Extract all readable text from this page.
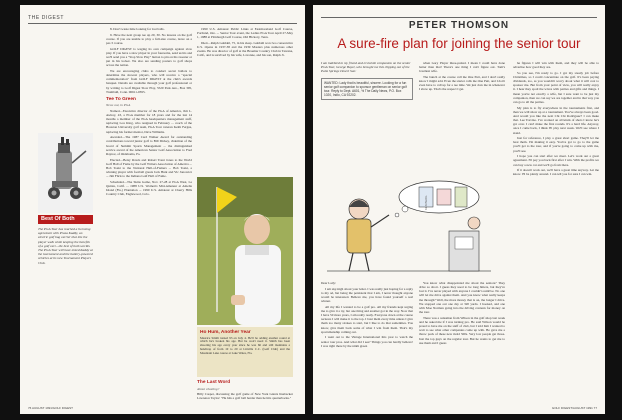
THE DIGEST
Best Of Both
The PGA Tour has reached a licensing agreement with Prasa Kaddy, an electric golf bag carrier that lets the player walk while keeping the benefits of a golf cart—the best of both worlds. The PGA Tour will have tested Kaddy at the tournament and the battery-powered vehicles at its new Tournament Players Club.

8. Don't waste time looking for lost balls.

9. Have the next group tee up 20, 30. No lessons on the golf course. If you are unable to play a full-size course, leave on a par-3 course.

GOLF DIGEST is waging its own campaign against slow play. If you have a slow player in your foursome, send us his and we'll send you a "Stop Slow Play" button to pin on his sweater or put in his locker. We also are sending posters to golf shops across the nation.

We are encouraging clubs to conduct secret ballots to determine the slowest players, who will receive a "special commemoration" from GOLF DIGEST at the club's awards banquet. Details are available through your golf professional or by writing to Golf Digest Slow Play, 5520 Park Ave., Box 395, Trumbull, Conn. 06611-0395.

Tee To Green
News out, in PGA

Named—Executive director of the PGA of America, Jim L. Awtrey, 43, a PGA member for 18 years and for the last 14 months a member of the PGA headquarters management staff, replacing Lou King, who resigned in February ... coach of the Houston University golf team, PGA Tour veteran Keith Fergus, replacing his former mentor, Dave Williams.

Awarded—The 1987 Card Walker Award for outstanding contributions toward junior golf to Bill Dickey, chairman of the board of Summit Sports Management ... the distinguished service award of the American Senior Golf Association to Fred Raynor, of Oklahoma, Pa.

Elected—Betsy Rawls and Robert Trent Jones to the World Golf Hall of Fame by the Golf Writers Association of America ... Bob Toski to the National Hall-of-Famers ... Bob Toski, a winning player with football greats Jack Hunt and Vic Janowicz ... Jim Flick to the Indiana Golf Hall of Fame.

Scheduled—The Skins Game, Nov. 27-28 at PGA West, La Quinta, Calif. ... 1988 U.S. Women's Mid-Amateur at Amelia Island (Fla.) Plantation ... 1990 U.S. Amateur at Cherry Hills Country Club, Englewood, Colo.

1990 U.S. Amateur Public Links at Eastmoreland Golf Course, Portland, Ore. ... Senior Tour event, the Ladies PGA Tour April 27-May 1, 1988 at Pittsburgh Golf Course, Old Hickory, Tenn.

Died—Ralph Guldahl, 75, in his sleep. Guldahl won two consecutive U.S. Opens in 1937-38 and the 1939 Masters plus numerous other events. He was director of golf at the Braemar Country Club in Tarzana, Calif., and is survived by his wife, Lavonne, and his son, Ralph Jr.

Ho Hum, Another Year
Maurice Smith turned 93 on July 4. He'll be adding another round at which he's broken his age. But he won't need it. Smith has been shooting his age every year since he was 66 and still maintains a handicap of from 10 to 20 at Linville C.C. (Golf Club) and the Mountain Lake course at Lake Wales, Fla.
The Last Word
About cheating?
Billy Casper, discussing the golf game of New York Giants linebacker Lawrence Taylor: "He hits a golf ball harder than he hits quarterbacks."
76 AUGUST 1991/GOLF DIGEST
PETER THOMSON
A sure-fire plan for joining the senior tour
I am indebted to my friend and erstwhile companion on the senior PGA Tour, George Bayer, who brought me this clipping out of the Palm Springs Desert Sun:
WANTED: Lady that is beautiful, sincere. Looking for a fun senior golf companion to sponsor gentleman on senior golf tour. Reply to Dept. A601, % The Daily News, P.O. Box 1020, Indio, CA 92202.

when Gary Player three-putted. I mean I could have done better than that! There's one thing I can't figure out. Tom's loveliest wife.

The bunch at the course call me One Putt, and I don't really know I might add. Even the starter calls me One Putt, and I don't even have to call up for a tee time. We just dots me in whenever I show up. That's the respect I get.

he figures I will win with them, and they will be able to advertise how good they are.

So you see, I'm ready to go. I got my steady job before Christmas, so I could concentrate on the golf. It's been paying dividends, too, as you wouldn't worry about what it will cost to sponsor me. But from your point of view, you will really enjoy it. I hear they spoil the wives with parties and gifts and things. I mean you're not exactly a wife, but I sure want to be just my companion, then we can say we are together and in that way you can go to all the parties.

My plan is to fly everywhere in the tournaments first, and then we will show up at a tournament. You've always been good. And would you like the next Chi Chi Rodriguez? I can make that. Lee Trevino. I've worked on all kinds of shots I know he's got over. I can't make the first rounds. It's a hard life. Anyway, once I came back, I think I'll play next week. We'll see where I stand.

Just for reference, I play a great short game. They'll let me beat them. I'm making it easy. You've got to go to the game you'll get to the tour, and if you're going to come up with me, you'll see.

I hope you can start after we meet. Let's work out a great agreement. I'll pay you back first after I win. With the profits we can buy a new car and we'll go from there.

If it doesn't work out, we'll have a great time anyway. Let me know. I'll be plenty around. I can tell you for sure I can win.

Dear Lady:

I am sky-high about your letter. I was really just hoping for a reply to my ad, but being the persistent that I am, I never thought anyone would be interested. Believe me, you have found yourself a real winner.

All my life I wanted to be a golf pro. All my friends kept urging me to give it a try, but one thing and another got in the way. Now that I have 50 more years, I am really ready. Everyone down at the course reckons I will make it to the top. I bust them every time unless I give them too many strokes to start, but I like to do that sometimes. You know, give them back some of what I win from them. That's my sportsmanship coming out.

I went out to the Vintage International this year to watch the senior tour pros. And what did I see? Things you can hardly believe! I was right there by the ninth green

You know what disappointed me about the seniors? They drive so short. I guess they used to be long hitters, but they've lost it. I've never played with anyone I couldn't outdrive. No one will let me drive against them. And you know what really keeps me through? Well, the more money that is on, the longer I drive. We stopped one out one day at 320 yards. I hooked, and one with Moe Norman going into the driving contests for money on the tour.

There was a salesman from Wilson in the golf shop last week and he asked me if I was turning pro. He said Wilson would be proud to have me on the staff of club, but I told him I wanted to wait to see what other companies come up with. He gave me a throw pack of these new mold 500s. Very low people get those. Just the top guys on the regular tour. But he wants to get me to use them and I guess

KEN BERG
GOLF DIGEST/AUGUST 1991 77
